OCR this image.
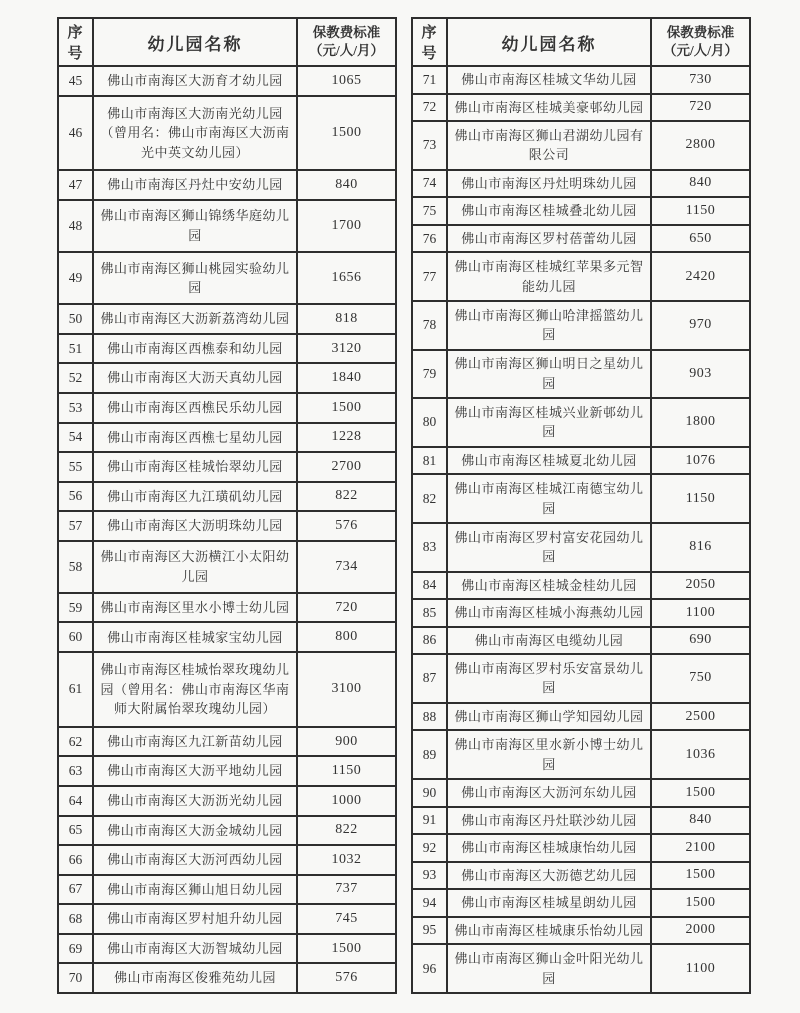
序号	幼儿园名称	保教费标准
（元/人/月）

45	佛山市南海区大沥育才幼儿园	1065
46	佛山市南海区大沥南光幼儿园（曾用名：佛山市南海区大沥南光中英文幼儿园）	1500
47	佛山市南海区丹灶中安幼儿园	840
48	佛山市南海区狮山锦绣华庭幼儿园	1700
49	佛山市南海区狮山桃园实验幼儿园	1656
50	佛山市南海区大沥新荔湾幼儿园	818
51	佛山市南海区西樵泰和幼儿园	3120
52	佛山市南海区大沥天真幼儿园	1840
53	佛山市南海区西樵民乐幼儿园	1500
54	佛山市南海区西樵七星幼儿园	1228
55	佛山市南海区桂城怡翠幼儿园	2700
56	佛山市南海区九江璜矶幼儿园	822
57	佛山市南海区大沥明珠幼儿园	576
58	佛山市南海区大沥横江小太阳幼儿园	734
59	佛山市南海区里水小博士幼儿园	720
60	佛山市南海区桂城家宝幼儿园	800
61	佛山市南海区桂城怡翠玫瑰幼儿园（曾用名：佛山市南海区华南师大附属怡翠玫瑰幼儿园）	3100
62	佛山市南海区九江新苗幼儿园	900
63	佛山市南海区大沥平地幼儿园	1150
64	佛山市南海区大沥沥光幼儿园	1000
65	佛山市南海区大沥金城幼儿园	822
66	佛山市南海区大沥河西幼儿园	1032
67	佛山市南海区狮山旭日幼儿园	737
68	佛山市南海区罗村旭升幼儿园	745
69	佛山市南海区大沥智城幼儿园	1500
70	佛山市南海区俊雅苑幼儿园	576
序号	幼儿园名称	保教费标准
（元/人/月）

71	佛山市南海区桂城文华幼儿园	730
72	佛山市南海区桂城美豪邨幼儿园	720
73	佛山市南海区狮山君湖幼儿园有限公司	2800
74	佛山市南海区丹灶明珠幼儿园	840
75	佛山市南海区桂城叠北幼儿园	1150
76	佛山市南海区罗村蓓蕾幼儿园	650
77	佛山市南海区桂城红苹果多元智能幼儿园	2420
78	佛山市南海区狮山哈津摇篮幼儿园	970
79	佛山市南海区狮山明日之星幼儿园	903
80	佛山市南海区桂城兴业新邨幼儿园	1800
81	佛山市南海区桂城夏北幼儿园	1076
82	佛山市南海区桂城江南德宝幼儿园	1150
83	佛山市南海区罗村富安花园幼儿园	816
84	佛山市南海区桂城金桂幼儿园	2050
85	佛山市南海区桂城小海燕幼儿园	1100
86	佛山市南海区电缆幼儿园	690
87	佛山市南海区罗村乐安富景幼儿园	750
88	佛山市南海区狮山学知园幼儿园	2500
89	佛山市南海区里水新小博士幼儿园	1036
90	佛山市南海区大沥河东幼儿园	1500
91	佛山市南海区丹灶联沙幼儿园	840
92	佛山市南海区桂城康怡幼儿园	2100
93	佛山市南海区大沥德艺幼儿园	1500
94	佛山市南海区桂城星朗幼儿园	1500
95	佛山市南海区桂城康乐怡幼儿园	2000
96	佛山市南海区狮山金叶阳光幼儿园	1100
